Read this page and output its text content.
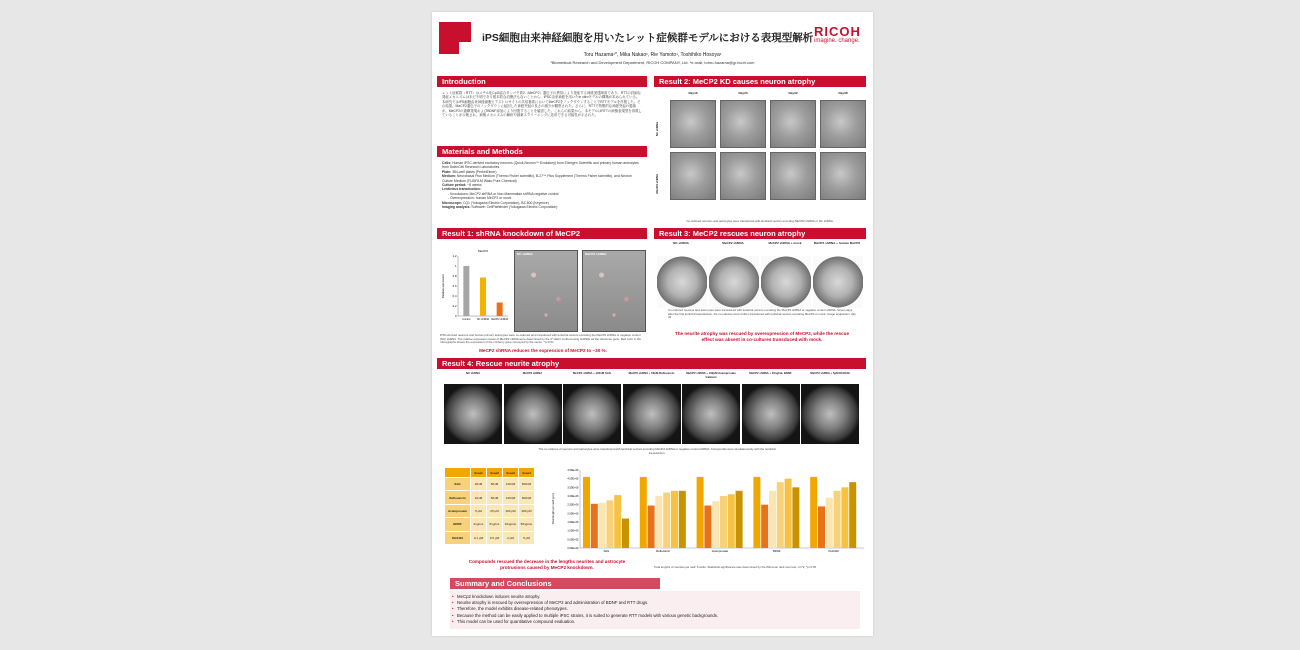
iPS細胞由来神経細胞を用いたレット症候群モデルにおける表現型解析 RICOH
imagine. change.
Toru Hazama¹*, Mika Nakao¹, Rie Yamoto¹, Toshihiko Hosoya¹
¹Biomedical Research and Development Department, RICOH COMPANY, Ltd. *e-mail; tohru.hazama@jp.ricoh.com
Introduction
レット症候群（RTT）はメチル化CpG結合タンパク質2（MeCP2）遺伝子の異常により発症する神経発達障害であり、RTTの詳細な発症メカニズムは未だ不明であり根本的な治療法もないことから、iPSC由来神経を用いたin vitroモデルの構築が求められている。本研究ではiPS細胞由来神経細胞とアストロサイトの共培養系においてMeCP2をノックダウンすることでRTTモデルを作製した。その結果、MeCP2遺伝子のノックダウンに起因した神経突起の長さの減少が観察された。さらに、RTTで特徴的な神経突起の萎縮が、MeCP2の過剰発現およびBDNF添加により回復することを確認した。これらの結果から、本モデルはRTTの病態表現型を再現していることが示唆され、病態メカニズムの解析や創薬スクリーニングに応用できる可能性が示された。
Materials and Methods
Cells: Human iPSC-derived excitatory neurons (Quick-Neuron™ Excitatory) from Elixirgen Scientific and primary human astrocytes from ScienCell Research Laboratories
Plate: 384-well plates (PerkinElmer)
Medium: Neurobasal Plus Medium (Thermo Fisher scientific), B-27™ Plus Supplement (Thermo Fisher scientific), and Neuron Culture Medium (FUJIFILM Wako Pure Chemical)
Culture period: ~6 weeks
Lentivirus transduction:
- Knockdown: MeCP2 shRNA or Non-Mammalian shRNA negative control
- Overexpression: human MeCP2 or mock
Microscope: CQ1 (Yokogawa Electric Corporation), BZ-800 (Keyence)
Imaging analysis: Software: CellPathfinder (Yokogawa Electric Corporation)
Result 1: shRNA knockdown of MeCP2
MeCP2
Relative expression
0
0.2
0.4
0.6
0.8
1
1.2
Control	NC shRNA MeCP2 shRNA
NC shRNA	MeCP2 shRNA
iPSC-derived neurons and human primary astrocytes were co-cultured and transduced with lentiviral vectors encoding the MeCP2 shRNA or negative control (NC) shRNA. The relative expression levels of MeCP2 mRNA were determined by the 2^-ΔΔCt method using GAPDH as the reference gene. Red color in the micrographs shows the expression of the mCherry gene conveyed by the vector. *p<0.01
MeCP2 shRNA reduces the expression of MeCP2 to ~30 %.
Result 2: MeCP2 KD causes neuron atrophy
Day16	Day23	Day32	Day38
NC shRNA
MeCP2 shRNA
Co-cultured neurons and astrocytes were transduced with lentiviral vectors encoding MeCP2 shRNA or NC shRNA.
Result 3: MeCP2 rescues neuron atrophy
NC shRNA	MeCP2 shRNA	MeCP2 shRNA + mock	MeCP2 shRNA + human MeCP2
Co-cultured neurons and astrocytes were transduced with lentiviral vectors encoding the MeCP2 shRNA or negative control shRNA. Seven days after the first lentiviral transduction, the co-cultures were further transduced with lentiviral vectors encoding MeCP2 or mock. Image acquisition: day 32
The neurite atrophy was rescued by overexpression of MeCP2, while the rescue effect was absent in co-cultures transduced with mock.
Result 4: Rescue neurite atrophy
NC shRNA	MeCP2 shRNA	MeCP2 shRNA + 100nM SAG	MeCP2 shRNA + 50nM Reflocarcin	MeCP2 shRNA + 100μM Acamprosate Calcium
MeCP2 shRNA + 10ng/mL BDNF	MeCP2 shRNA + 5μM KH2449
The co-cultures of neurons and astrocytes were transduced with lentiviral vectors encoding MeCP2 shRNA or negative control shRNA. Compounds were simultaneously with the lentiviral transduction.
	dose1	dose2	dose3	dose4
SAG	20nM	50nM	100nM	500nM
Reflocarcin	10nM	50nM	100nM	500nM
Acamprosate	5 μM	25 μM	100 μM	200 μM
BDNF	2ng/mL	5ng/mL	10ng/mL	50ng/mL
KH2449	0.1 μM	0.5 μM	2 μM	5 μM
Total length per well [μm]
0.00E+00
5.00E+05
1.00E+06
1.50E+06
2.00E+06
2.50E+06
3.00E+06
3.50E+06
4.00E+06
4.50E+06
SAG	Reflocarcin	Acamprosate	BDNF	KH2449
Total lengths of neurites per well: 6 wells. Statistical significance was determined by the Wilcoxon rank sum test, n=72, *p<0.05
Compounds rescued the decrease in the lengths neurites and astrocyte protrusions caused by MeCP2 knockdown.
Summary and Conclusions
• MeCp2 knockdown induces neurite atrophy.
• Neurite atrophy is rescued by overexpression of MeCP2 and administration of BDNF and RTT drugs.
• Therefore, the model exhibits disease-related phenotypes.
• Because the method can be easily applied to multiple iPSC strains, it is suited to generate RTT models with various genetic backgrounds.
• This model can be used for quantitative compound evaluation.
